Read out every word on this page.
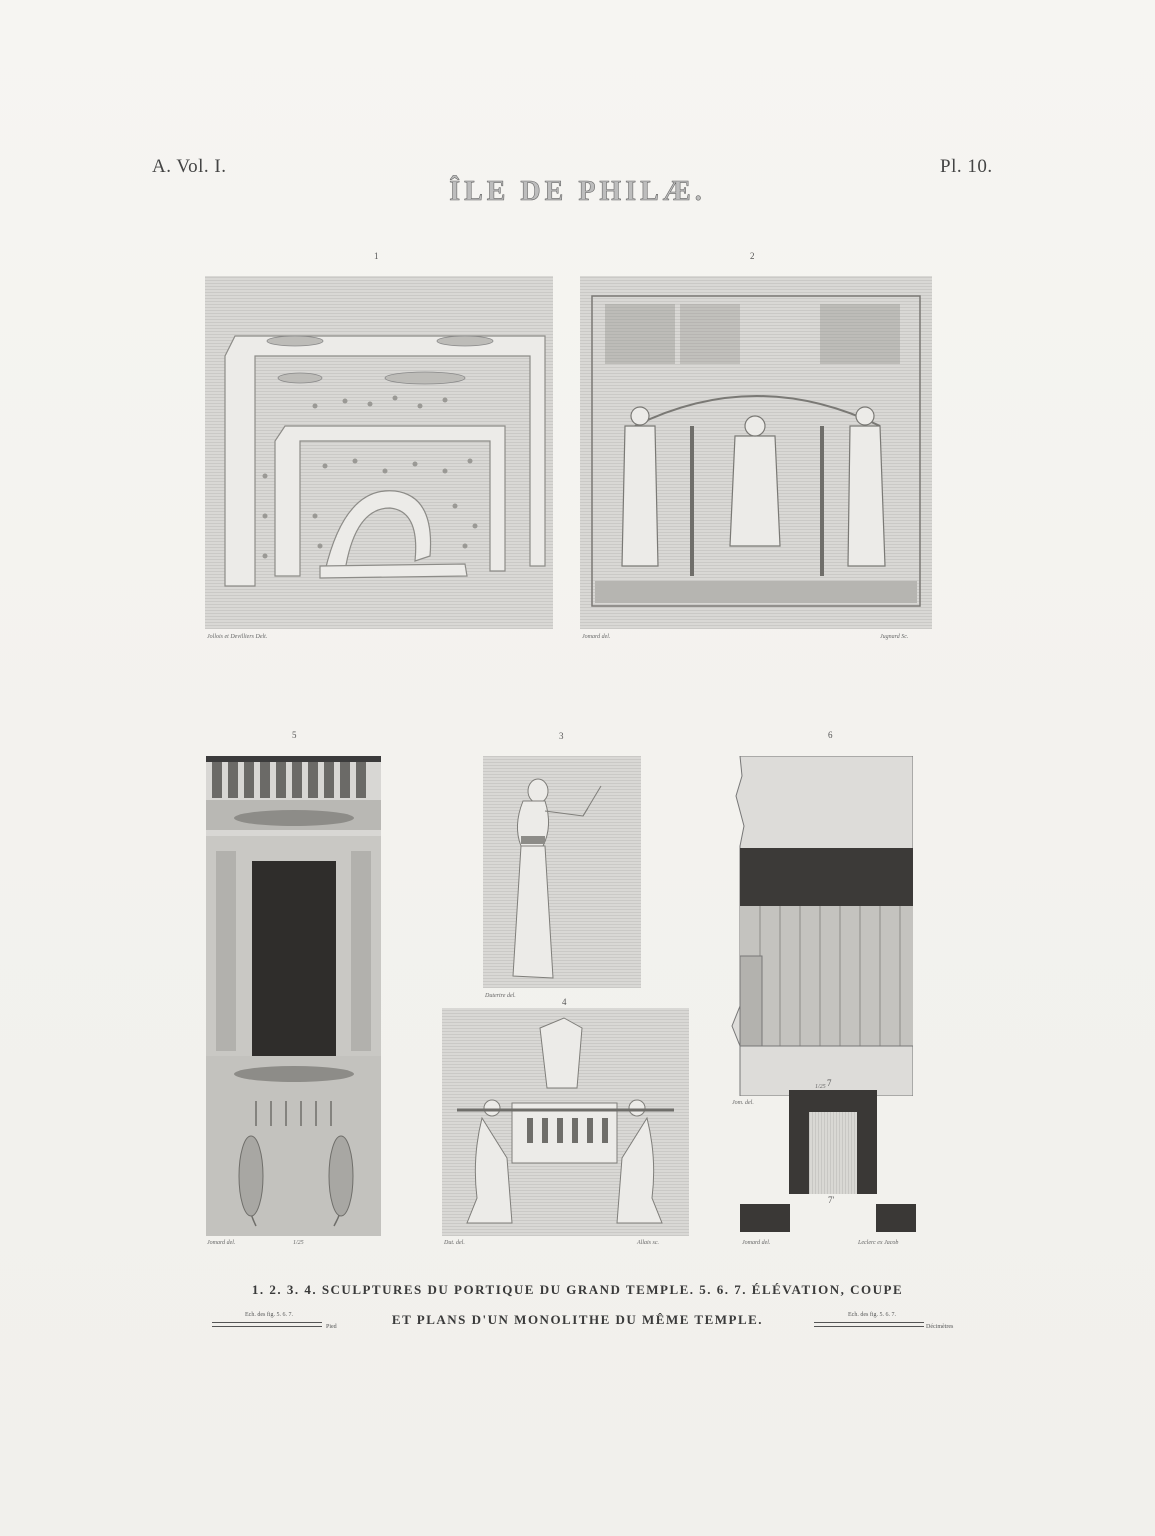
A. Vol. I.	Pl. 10.
ÎLE DE PHILÆ.
1
Jollois et Devilliers Delt.
2
Jomard del.	Jugnard Sc.
5
Jomard del.	1/25
3
Dutertre del.
4
Dut. del.	Allais sc.
6
Jom. del.
1/25 7
7'
Jomard del.	Leclerc ex Jacob
1. 2. 3. 4. SCULPTURES DU PORTIQUE DU GRAND TEMPLE. 5. 6. 7. ÉLÉVATION, COUPE
ET PLANS D'UN MONOLITHE DU MÊME TEMPLE.
Ech. des fig. 5. 6. 7.
Pied
Ech. des fig. 5. 6. 7.
Décimètres
